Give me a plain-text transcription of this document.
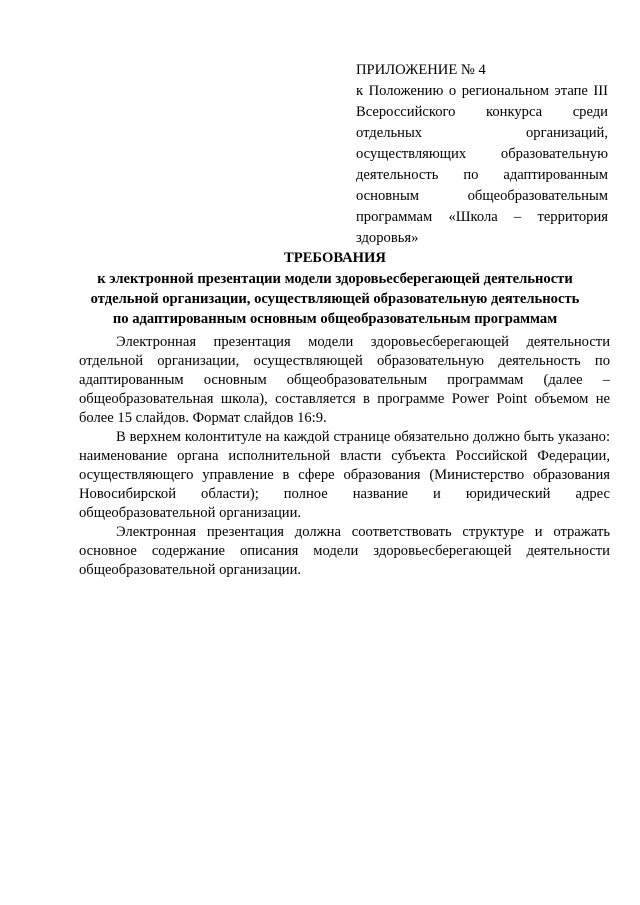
ПРИЛОЖЕНИЕ № 4

к Положению о региональном этапе III Всероссийского конкурса среди отдельных организаций, осуществляющих образовательную деятельность по адаптированным основным общеобразовательным программам «Школа – территория здоровья»

ТРЕБОВАНИЯ

к электронной презентации модели здоровьесберегающей деятельности

отдельной организации, осуществляющей образовательную деятельность

по адаптированным основным общеобразовательным программам

Электронная презентация модели здоровьесберегающей деятельности отдельной организации, осуществляющей образовательную деятельность по адаптированным основным общеобразовательным программам (далее – общеобразовательная школа), составляется в программе Power Point объемом не более 15 слайдов. Формат слайдов 16:9.

В верхнем колонтитуле на каждой странице обязательно должно быть указано: наименование органа исполнительной власти субъекта Российской Федерации, осуществляющего управление в сфере образования (Министерство образования Новосибирской области); полное название и юридический адрес общеобразовательной организации.

Электронная презентация должна соответствовать структуре и отражать основное содержание описания модели здоровьесберегающей деятельности общеобразовательной организации.
